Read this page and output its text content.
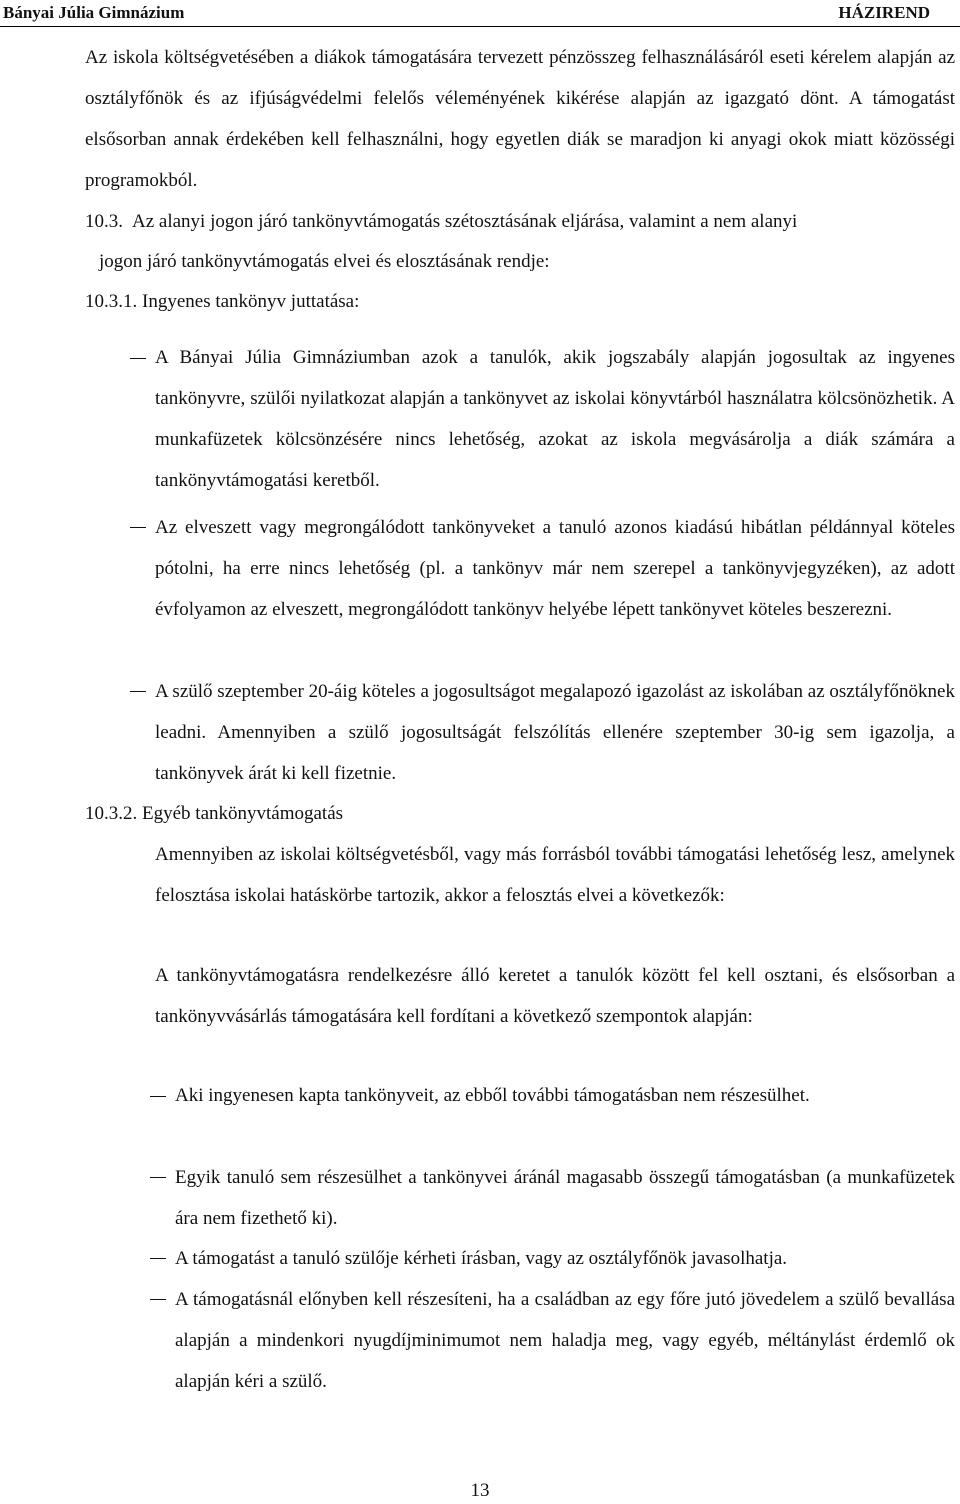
Bányai Júlia Gimnázium	HÁZIREND

Az iskola költségvetésében a diákok támogatására tervezett pénzösszeg felhasználásáról eseti kérelem alapján az osztályfőnök és az ifjúságvédelmi felelős véleményének kikérése alapján az igazgató dönt. A támogatást elsősorban annak érdekében kell felhasználni, hogy egyetlen diák se maradjon ki anyagi okok miatt közösségi programokból.

10.3. Az alanyi jogon járó tankönyvtámogatás szétosztásának eljárása, valamint a nem alanyi
jogon járó tankönyvtámogatás elvei és elosztásának rendje:
10.3.1. Ingyenes tankönyv juttatása:

A Bányai Júlia Gimnáziumban azok a tanulók, akik jogszabály alapján jogosultak az ingyenes tankönyvre, szülői nyilatkozat alapján a tankönyvet az iskolai könyvtárból használatra kölcsönözhetik. A munkafüzetek kölcsönzésére nincs lehetőség, azokat az iskola megvásárolja a diák számára a tankönyvtámogatási keretből.

Az elveszett vagy megrongálódott tankönyveket a tanuló azonos kiadású hibátlan példánnyal köteles pótolni, ha erre nincs lehetőség (pl. a tankönyv már nem szerepel a tankönyvjegyzéken), az adott évfolyamon az elveszett, megrongálódott tankönyv helyébe lépett tankönyvet köteles beszerezni.

A szülő szeptember 20-áig köteles a jogosultságot megalapozó igazolást az iskolában az osztályfőnöknek leadni. Amennyiben a szülő jogosultságát felszólítás ellenére szeptember 30-ig sem igazolja, a tankönyvek árát ki kell fizetnie.

10.3.2. Egyéb tankönyvtámogatás

Amennyiben az iskolai költségvetésből, vagy más forrásból további támogatási lehetőség lesz, amelynek felosztása iskolai hatáskörbe tartozik, akkor a felosztás elvei a következők:

A tankönyvtámogatásra rendelkezésre álló keretet a tanulók között fel kell osztani, és elsősorban a tankönyvvásárlás támogatására kell fordítani a következő szempontok alapján:

Aki ingyenesen kapta tankönyveit, az ebből további támogatásban nem részesülhet.

Egyik tanuló sem részesülhet a tankönyvei áránál magasabb összegű támogatásban (a munkafüzetek ára nem fizethető ki).

A támogatást a tanuló szülője kérheti írásban, vagy az osztályfőnök javasolhatja.

A támogatásnál előnyben kell részesíteni, ha a családban az egy főre jutó jövedelem a szülő bevallása alapján a mindenkori nyugdíjminimumot nem haladja meg, vagy egyéb, méltánylást érdemlő ok alapján kéri a szülő.

13
